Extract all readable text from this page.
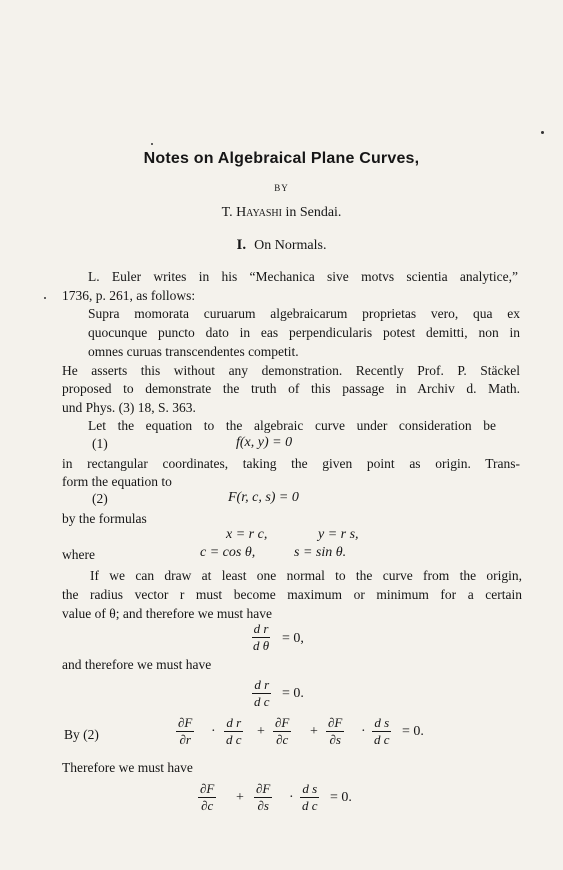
Notes on Algebraical Plane Curves,
BY
T. Hayashi in Sendai.
I. On Normals.
L. Euler writes in his “Mechanica sive motvs scientia analytice,”
1736, p. 261, as follows:
Supra momorata curuarum algebraicarum proprietas vero, qua ex
quocunque puncto dato in eas perpendicularis potest demitti, non in
omnes curuas transcendentes competit.
He asserts this without any demonstration. Recently Prof. P. Stäckel
proposed to demonstrate the truth of this passage in Archiv d. Math.
und Phys. (3) 18, S. 363.
Let the equation to the algebraic curve under consideration be
(1)	f(x, y) = 0
in rectangular coordinates, taking the given point as origin. Trans-
form the equation to
(2)	F(r, c, s) = 0
by the formulas
x = r c,	y = r s,
where	c = cos θ,	s = sin θ.
If we can draw at least one normal to the curve from the origin,
the radius vector r must become maximum or minimum for a certain
value of θ; and therefore we must have
$\frac{\text{d r}}{\text{d θ}} = 0$,
and therefore we must have
$\frac{\text{d r}}{\text{d c}} = 0$.
By (2)	$\frac{\partial F}{\partial r} \cdot \frac{\text{d r}}{\text{d c}} + \frac{\partial F}{\partial c} + \frac{\partial F}{\partial s} \cdot \frac{\text{d s}}{\text{d c}} = 0$.
Therefore we must have
$\frac{\partial F}{\partial c} + \frac{\partial F}{\partial s} \cdot \frac{\text{d s}}{\text{d c}} = 0$.
